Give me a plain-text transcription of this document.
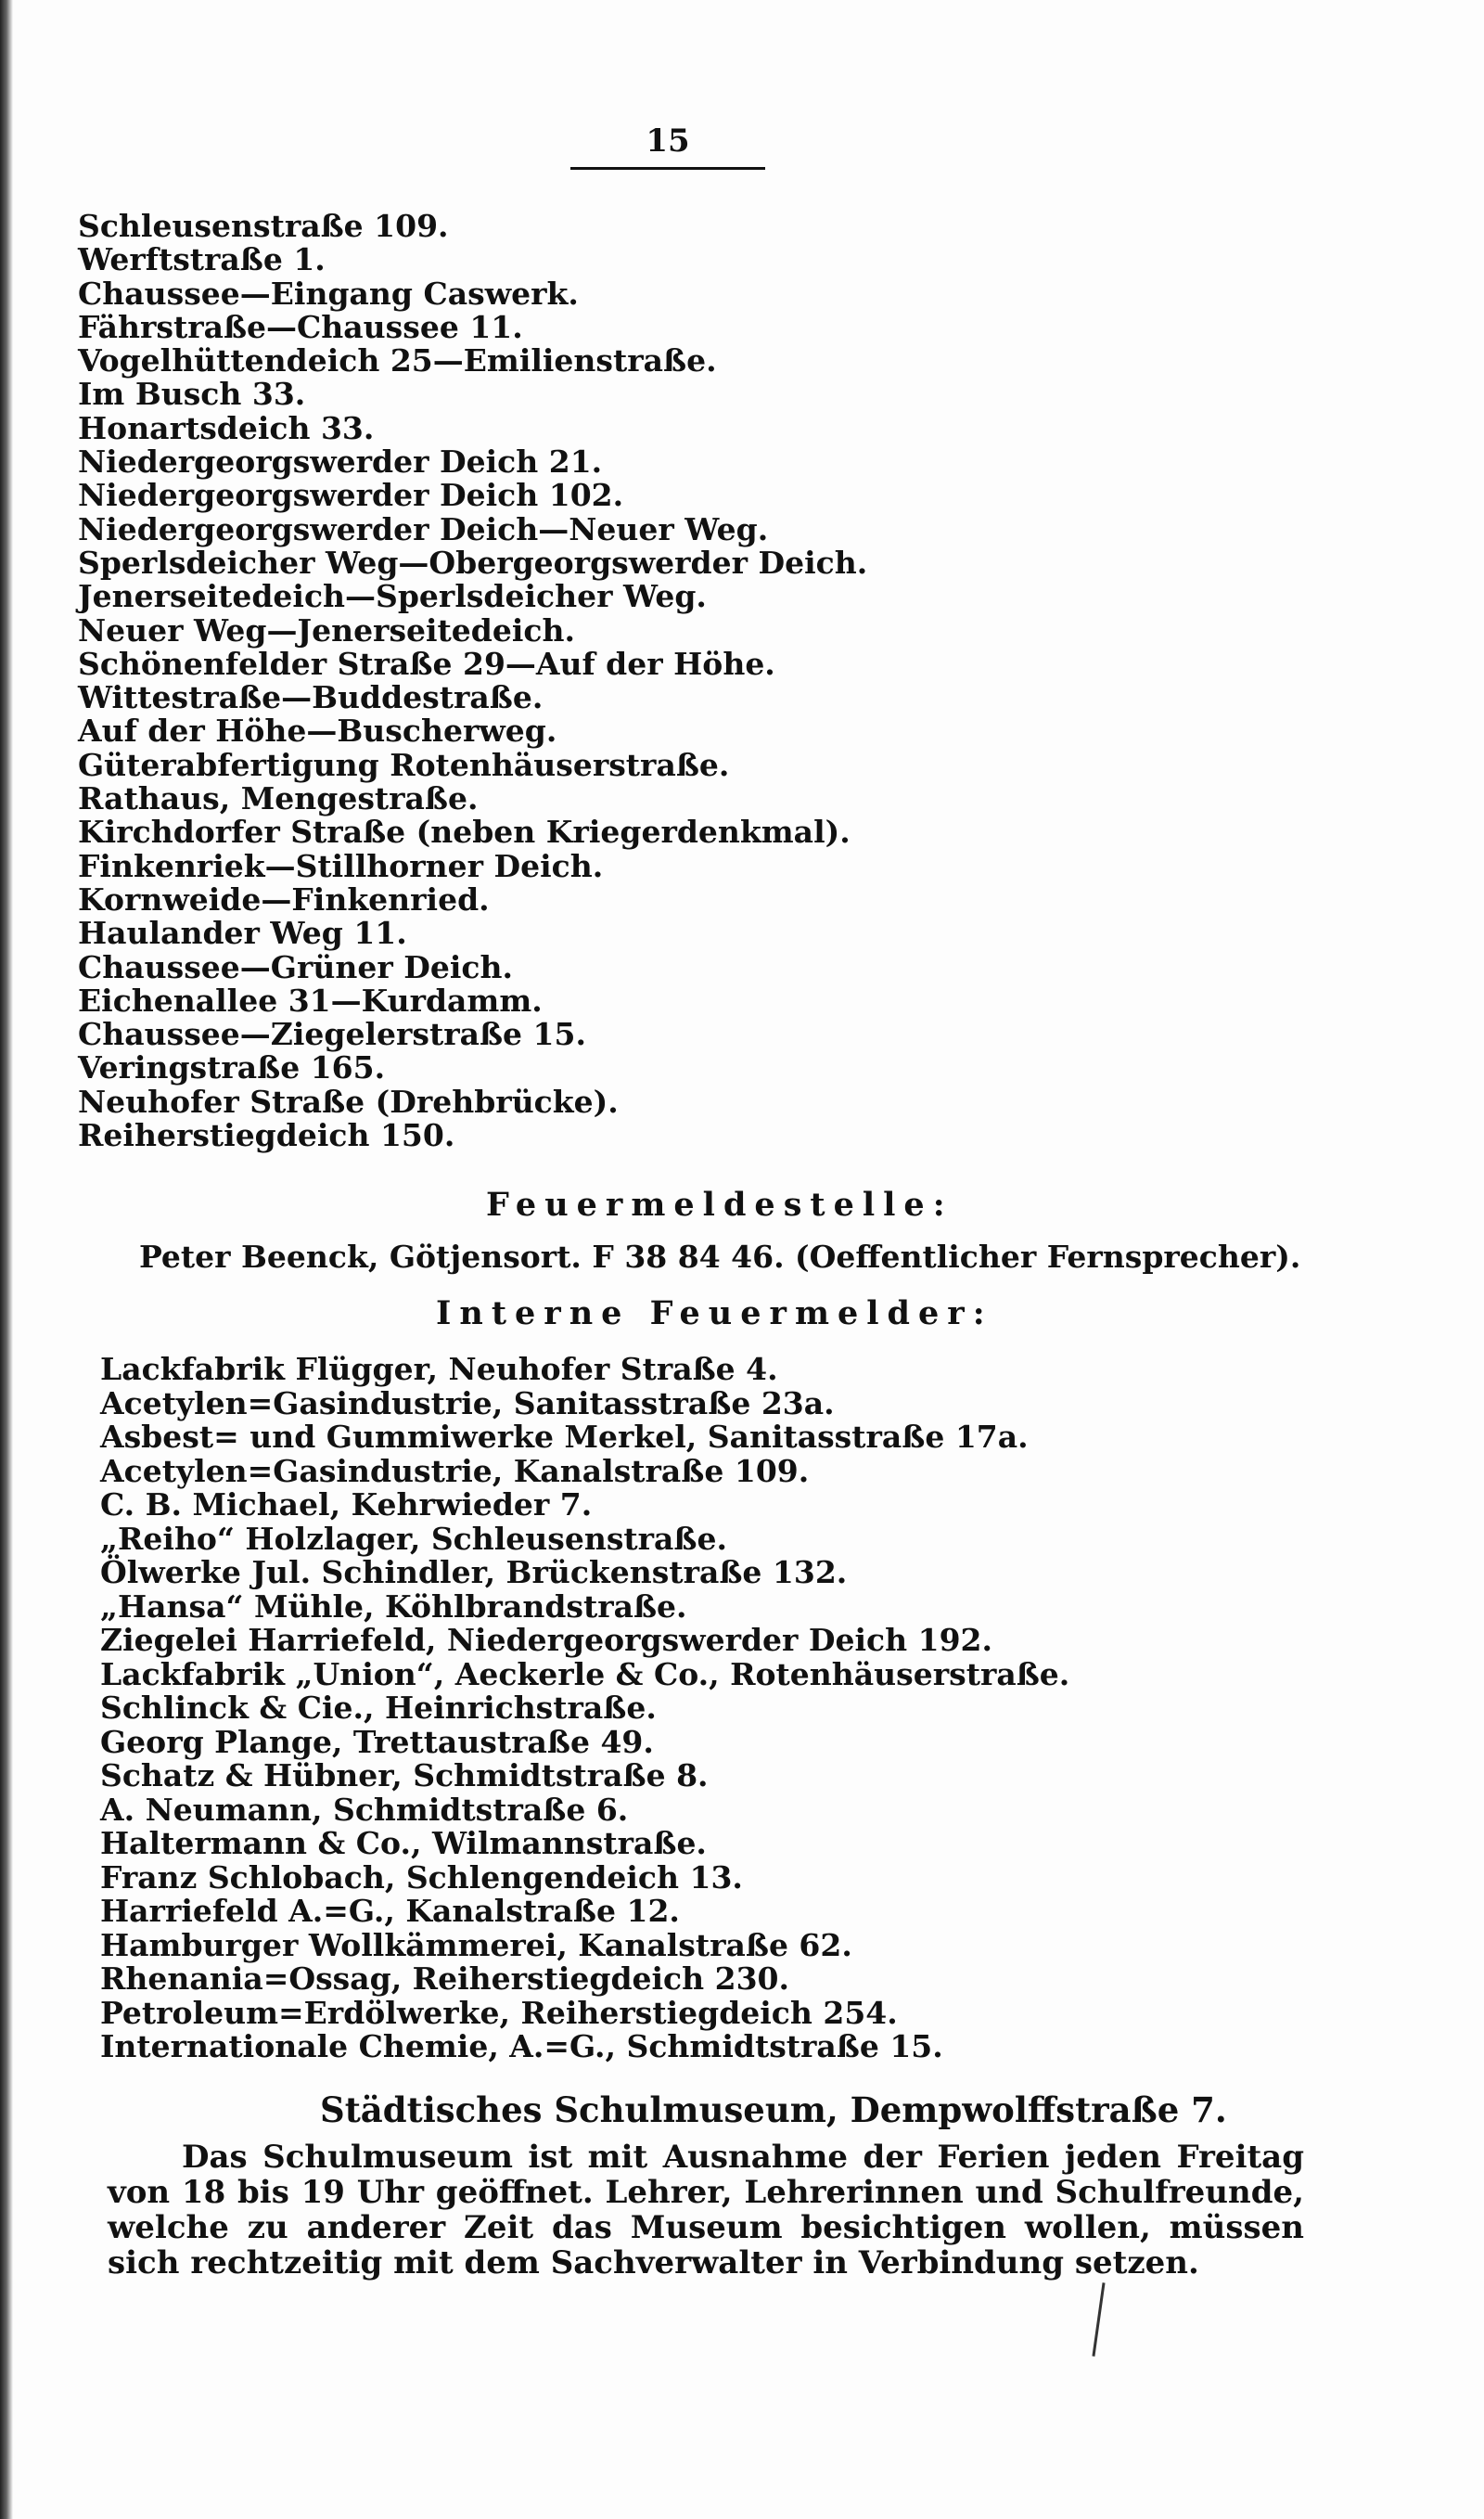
15
Schleusenstraße 109.
Werftstraße 1.
Chaussee—Eingang Caswerk.
Fährstraße—Chaussee 11.
Vogelhüttendeich 25—Emilienstraße.
Im Busch 33.
Honartsdeich 33.
Niedergeorgswerder Deich 21.
Niedergeorgswerder Deich 102.
Niedergeorgswerder Deich—Neuer Weg.
Sperlsdeicher Weg—Obergeorgswerder Deich.
Jenerseitedeich—Sperlsdeicher Weg.
Neuer Weg—Jenerseitedeich.
Schönenfelder Straße 29—Auf der Höhe.
Wittestraße—Buddestraße.
Auf der Höhe—Buscherweg.
Güterabfertigung Rotenhäuserstraße.
Rathaus, Mengestraße.
Kirchdorfer Straße (neben Kriegerdenkmal).
Finkenriek—Stillhorner Deich.
Kornweide—Finkenried.
Haulander Weg 11.
Chaussee—Grüner Deich.
Eichenallee 31—Kurdamm.
Chaussee—Ziegelerstraße 15.
Veringstraße 165.
Neuhofer Straße (Drehbrücke).
Reiherstiegdeich 150.
Feuermeldestelle:
Peter Beenck, Götjensort. F 38 84 46. (Oeffentlicher Fernsprecher).
Interne Feuermelder:
Lackfabrik Flügger, Neuhofer Straße 4.
Acetylen=Gasindustrie, Sanitasstraße 23a.
Asbest= und Gummiwerke Merkel, Sanitasstraße 17a.
Acetylen=Gasindustrie, Kanalstraße 109.
C. B. Michael, Kehrwieder 7.
„Reiho“ Holzlager, Schleusenstraße.
Ölwerke Jul. Schindler, Brückenstraße 132.
„Hansa“ Mühle, Köhlbrandstraße.
Ziegelei Harriefeld, Niedergeorgswerder Deich 192.
Lackfabrik „Union“, Aeckerle & Co., Rotenhäuserstraße.
Schlinck & Cie., Heinrichstraße.
Georg Plange, Trettaustraße 49.
Schatz & Hübner, Schmidtstraße 8.
A. Neumann, Schmidtstraße 6.
Haltermann & Co., Wilmannstraße.
Franz Schlobach, Schlengendeich 13.
Harriefeld A.=G., Kanalstraße 12.
Hamburger Wollkämmerei, Kanalstraße 62.
Rhenania=Ossag, Reiherstiegdeich 230.
Petroleum=Erdölwerke, Reiherstiegdeich 254.
Internationale Chemie, A.=G., Schmidtstraße 15.
Städtisches Schulmuseum, Dempwolffstraße 7.

Das Schulmuseum ist mit Ausnahme der Ferien jeden Freitag von 18 bis 19 Uhr geöffnet. Lehrer, Lehrerinnen und Schulfreunde, welche zu anderer Zeit das Museum besichtigen wollen, müssen sich rechtzeitig mit dem Sachverwalter in Verbindung setzen.
